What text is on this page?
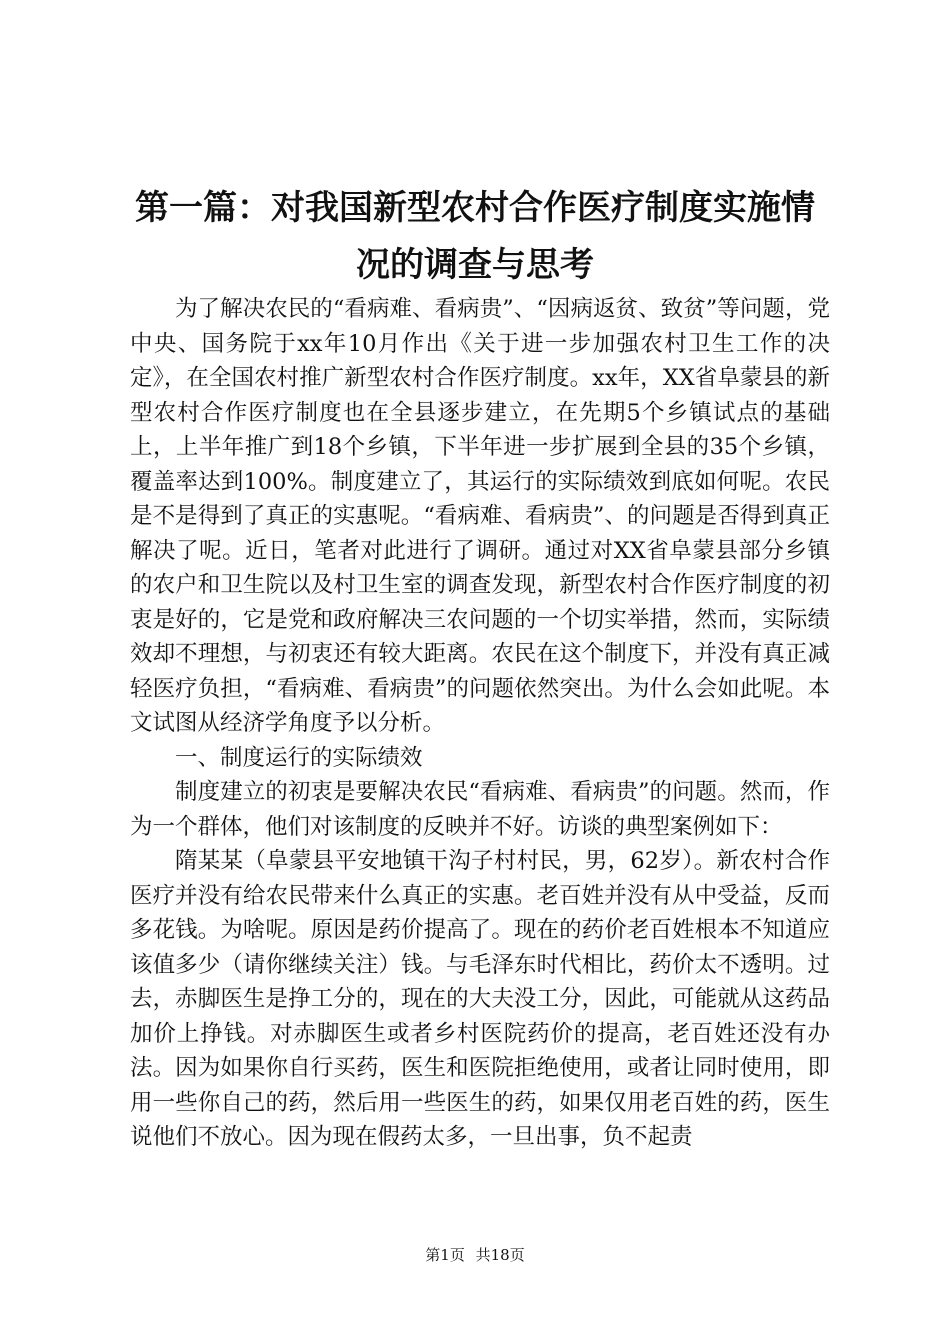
第一篇：对我国新型农村合作医疗制度实施情
况的调查与思考

为了解决农民的“看病难、看病贵”、“因病返贫、致贫”等问题，党中央、国务院于xx年10月作出《关于进一步加强农村卫生工作的决定》，在全国农村推广新型农村合作医疗制度。xx年，XX省阜蒙县的新型农村合作医疗制度也在全县逐步建立，在先期5个乡镇试点的基础上，上半年推广到18个乡镇，下半年进一步扩展到全县的35个乡镇，覆盖率达到100%。制度建立了，其运行的实际绩效到底如何呢。农民是不是得到了真正的实惠呢。“看病难、看病贵”、的问题是否得到真正解决了呢。近日，笔者对此进行了调研。通过对XX省阜蒙县部分乡镇的农户和卫生院以及村卫生室的调查发现，新型农村合作医疗制度的初衷是好的，它是党和政府解决三农问题的一个切实举措，然而，实际绩效却不理想，与初衷还有较大距离。农民在这个制度下，并没有真正减轻医疗负担，“看病难、看病贵”的问题依然突出。为什么会如此呢。本文试图从经济学角度予以分析。

一、制度运行的实际绩效

制度建立的初衷是要解决农民“看病难、看病贵”的问题。然而，作为一个群体，他们对该制度的反映并不好。访谈的典型案例如下：

隋某某（阜蒙县平安地镇干沟子村村民，男，62岁）。新农村合作医疗并没有给农民带来什么真正的实惠。老百姓并没有从中受益，反而多花钱。为啥呢。原因是药价提高了。现在的药价老百姓根本不知道应该值多少（请你继续关注）钱。与毛泽东时代相比，药价太不透明。过去，赤脚医生是挣工分的，现在的大夫没工分，因此，可能就从这药品加价上挣钱。对赤脚医生或者乡村医院药价的提高，老百姓还没有办法。因为如果你自行买药，医生和医院拒绝使用，或者让同时使用，即用一些你自己的药，然后用一些医生的药，如果仅用老百姓的药，医生说他们不放心。因为现在假药太多，一旦出事，负不起责

第1页 共18页
